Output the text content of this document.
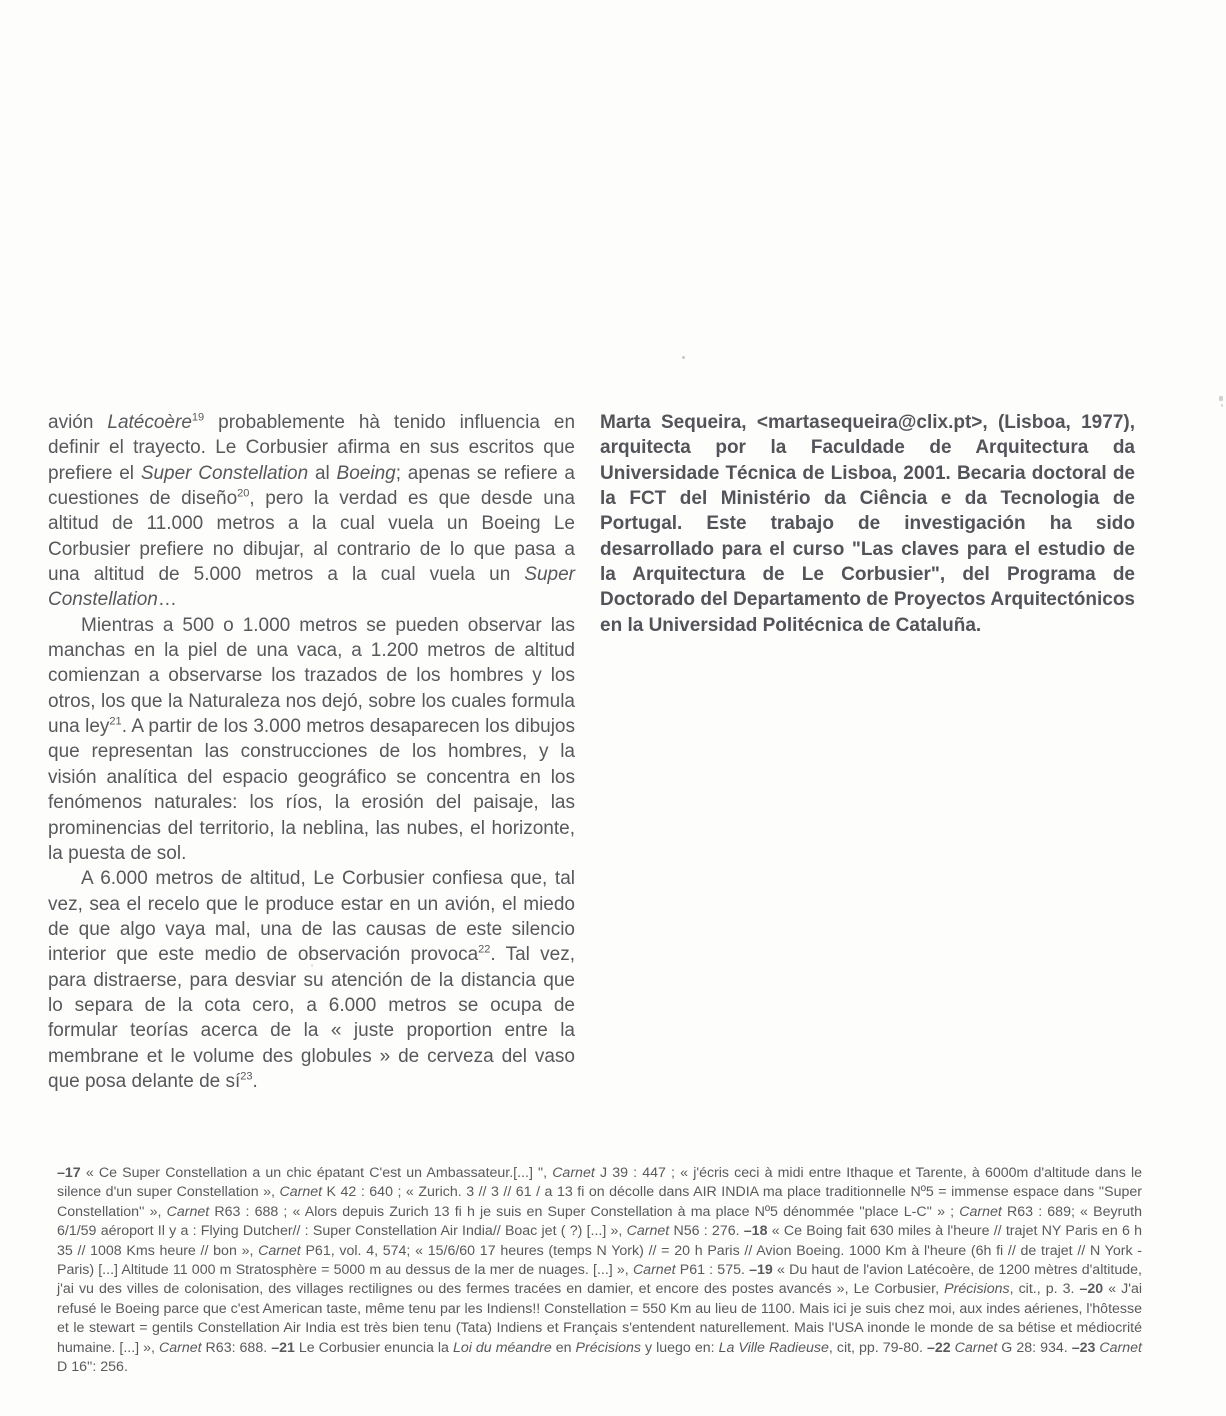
avión Latécoère$^{19}$ probablemente hà tenido influencia en definir el trayecto. Le Corbusier afirma en sus escritos que prefiere el Super Constellation al Boeing; apenas se refiere a cuestiones de diseño$^{20}$, pero la verdad es que desde una altitud de 11.000 metros a la cual vuela un Boeing Le Corbusier prefiere no dibujar, al contrario de lo que pasa a una altitud de 5.000 metros a la cual vuela un Super Constellation…

Mientras a 500 o 1.000 metros se pueden observar las manchas en la piel de una vaca, a 1.200 metros de altitud comienzan a observarse los trazados de los hombres y los otros, los que la Naturaleza nos dejó, sobre los cuales formula una ley$^{21}$. A partir de los 3.000 metros desaparecen los dibujos que representan las construcciones de los hombres, y la visión analítica del espacio geográfico se concentra en los fenómenos naturales: los ríos, la erosión del paisaje, las prominencias del territorio, la neblina, las nubes, el horizonte, la puesta de sol.

A 6.000 metros de altitud, Le Corbusier confiesa que, tal vez, sea el recelo que le produce estar en un avión, el miedo de que algo vaya mal, una de las causas de este silencio interior que este medio de observación provoca$^{22}$. Tal vez, para distraerse, para desviar su atención de la distancia que lo separa de la cota cero, a 6.000 metros se ocupa de formular teorías acerca de la « juste proportion entre la membrane et le volume des globules » de cerveza del vaso que posa delante de $sí^{23}$.

Marta Sequeira, <martasequeira@clix.pt>, (Lisboa, 1977), arquitecta por la Faculdade de Arquitectura da Universidade Técnica de Lisboa, 2001. Becaria doctoral de la FCT del Ministério da Ciência e da Tecnologia de Portugal. Este trabajo de investigación ha sido desarrollado para el curso "Las claves para el estudio de la Arquitectura de Le Corbusier", del Programa de Doctorado del Departamento de Proyectos Arquitectónicos en la Universidad Politécnica de Cataluña.

–17 « Ce Super Constellation a un chic épatant C'est un Ambassateur.[...] ", Carnet J 39 : 447 ; « j'écris ceci à midi entre Ithaque et Tarente, à 6000m d'altitude dans le silence d'un super Constellation », Carnet K 42 : 640 ; « Zurich. 3 // 3 // 61 / a 13 fi on décolle dans AIR INDIA ma place traditionnelle Nº5 = immense espace dans ''Super Constellation'' », Carnet R63 : 688 ; « Alors depuis Zurich 13 fi h je suis en Super Constellation à ma place Nº5 dénommée ''place L-C'' » ; Carnet R63 : 689; « Beyruth 6/1/59 aéroport Il y a : Flying Dutcher// : Super Constellation Air India// Boac jet ( ?) [...] », Carnet N56 : 276. –18 « Ce Boing fait 630 miles à l'heure // trajet NY Paris en 6 h 35 // 1008 Kms heure // bon », Carnet P61, vol. 4, 574; « 15/6/60 17 heures (temps N York) // = 20 h Paris // Avion Boeing. 1000 Km à l'heure (6h fi // de trajet // N York - Paris) [...] Altitude 11 000 m Stratosphère = 5000 m au dessus de la mer de nuages. [...] », Carnet P61 : 575. –19 « Du haut de l'avion Latécoère, de 1200 mètres d'altitude, j'ai vu des villes de colonisation, des villages rectilignes ou des fermes tracées en damier, et encore des postes avancés », Le Corbusier, Précisions, cit., p. 3. –20 « J'ai refusé le Boeing parce que c'est American taste, même tenu par les Indiens!! Constellation = 550 Km au lieu de 1100. Mais ici je suis chez moi, aux indes aérienes, l'hôtesse et le stewart = gentils Constellation Air India est très bien tenu (Tata) Indiens et Français s'entendent naturellement. Mais l'USA inonde le monde de sa bétise et médiocrité humaine. [...] », Carnet R63: 688. –21 Le Corbusier enuncia la Loi du méandre en Précisions y luego en: La Ville Radieuse, cit, pp. 79-80. –22 Carnet G 28: 934. –23 Carnet D 16'': 256.
